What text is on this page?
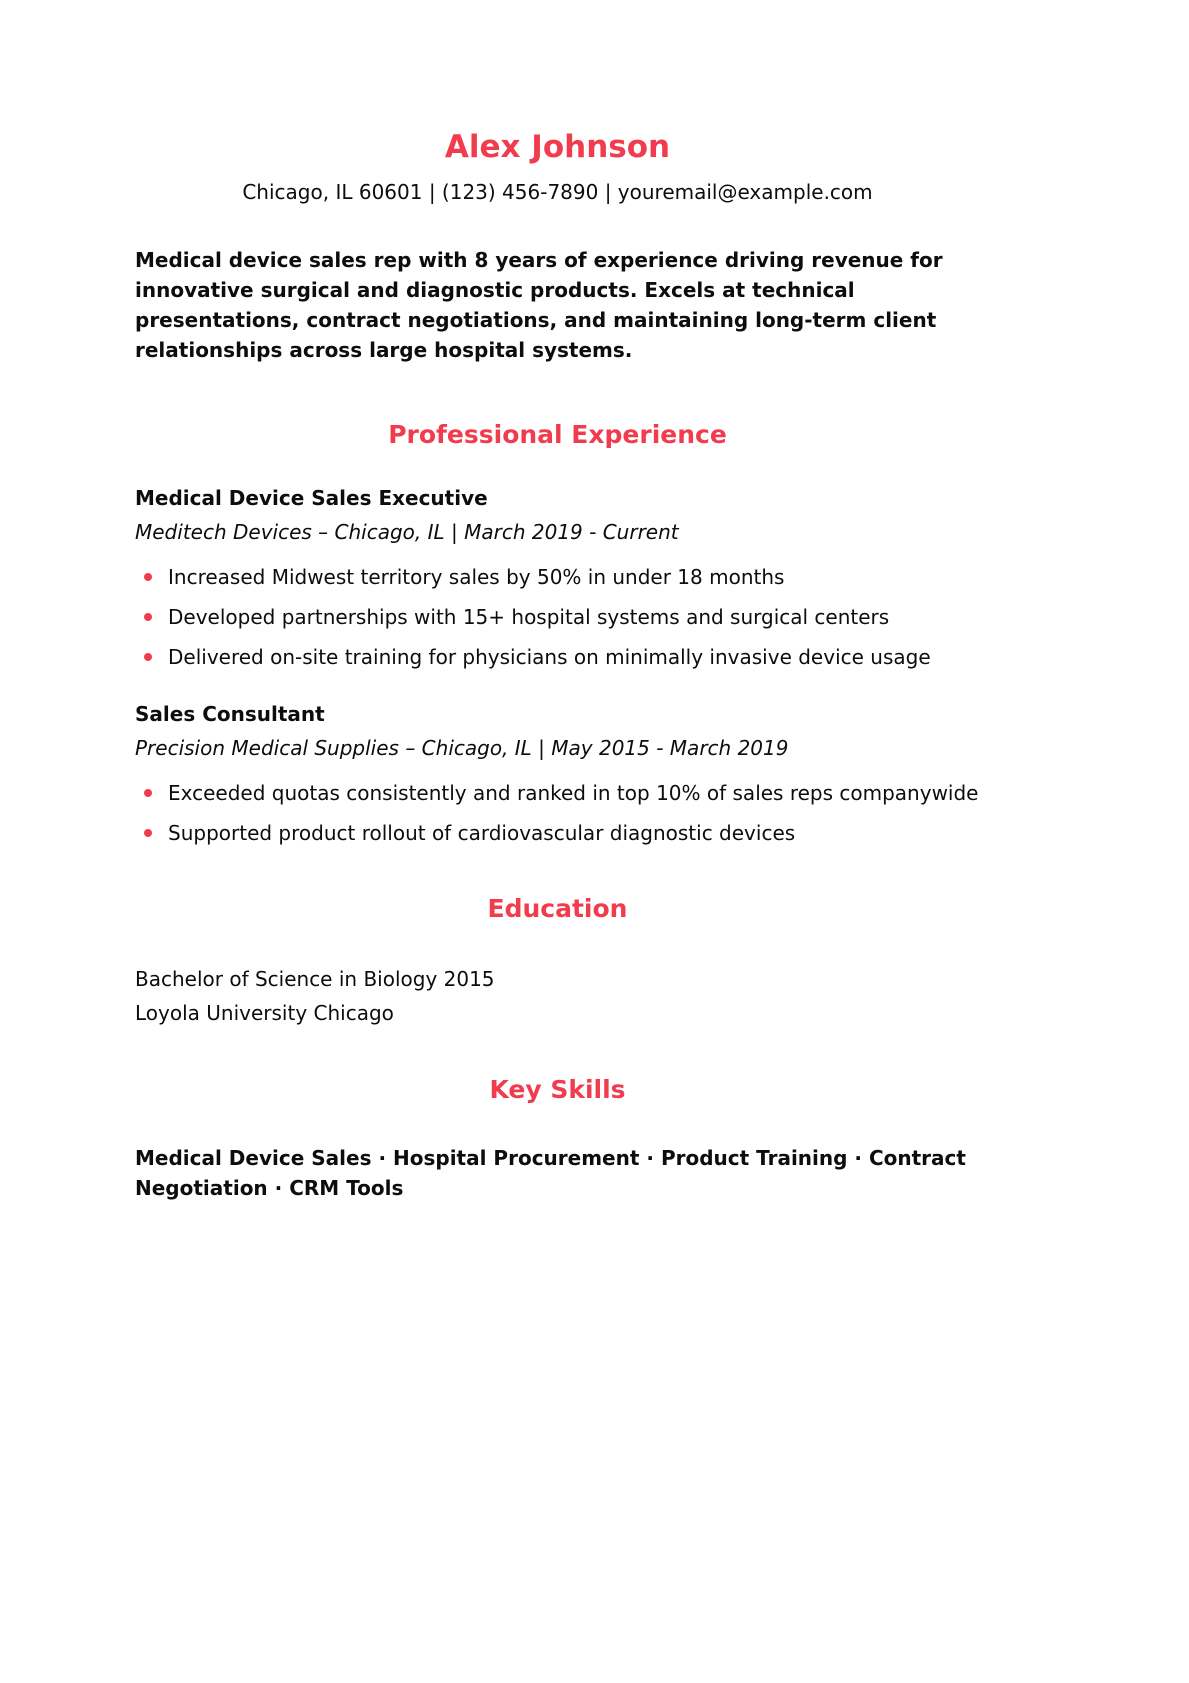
Alex Johnson
Chicago, IL 60601 | (123) 456-7890 | youremail@example.com

Medical device sales rep with 8 years of experience driving revenue for innovative surgical and diagnostic products. Excels at technical presentations, contract negotiations, and maintaining long-term client relationships across large hospital systems.

Professional Experience
Medical Device Sales Executive
Meditech Devices – Chicago, IL | March 2019 - Current
Increased Midwest territory sales by 50% in under 18 months
Developed partnerships with 15+ hospital systems and surgical centers
Delivered on-site training for physicians on minimally invasive device usage
Sales Consultant
Precision Medical Supplies – Chicago, IL | May 2015 - March 2019
Exceeded quotas consistently and ranked in top 10% of sales reps companywide
Supported product rollout of cardiovascular diagnostic devices
Education
Bachelor of Science in Biology 2015
Loyola University Chicago
Key Skills

Medical Device Sales · Hospital Procurement · Product Training · Contract Negotiation · CRM Tools
